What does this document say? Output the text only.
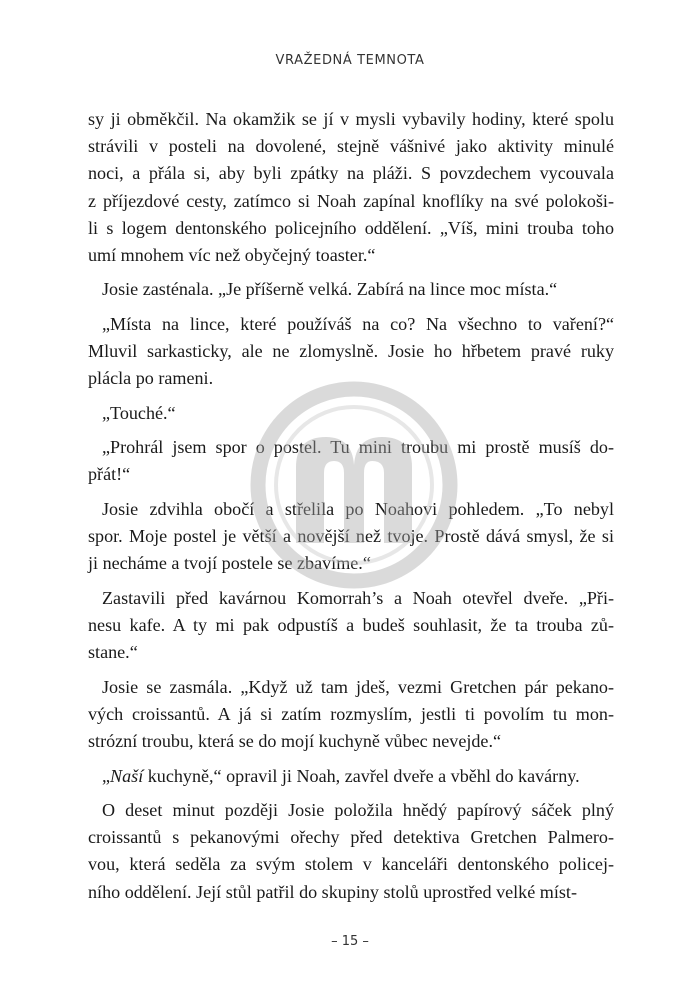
VRAŽEDNÁ TEMNOTA
sy ji obměkčil. Na okamžik se jí v mysli vybavily hodiny, které spolu
strávili v posteli na dovolené, stejně vášnivé jako aktivity minulé
noci, a přála si, aby byli zpátky na pláži. S povzdechem vycouvala
z příjezdové cesty, zatímco si Noah zapínal knoflíky na své polokoši-
li s logem dentonského policejního oddělení. „Víš, mini trouba toho
umí mnohem víc než obyčejný toaster.“
Josie zasténala. „Je příšerně velká. Zabírá na lince moc místa.“
„Místa na lince, které používáš na co? Na všechno to vaření?“
Mluvil sarkasticky, ale ne zlomyslně. Josie ho hřbetem pravé ruky
plácla po rameni.
„Touché.“
„Prohrál jsem spor o postel. Tu mini troubu mi prostě musíš do-
přát!“
Josie zdvihla obočí a střelila po Noahovi pohledem. „To nebyl
spor. Moje postel je větší a novější než tvoje. Prostě dává smysl, že si
ji necháme a tvojí postele se zbavíme.“
Zastavili před kavárnou Komorrah’s a Noah otevřel dveře. „Při-
nesu kafe. A ty mi pak odpustíš a budeš souhlasit, že ta trouba zů-
stane.“
Josie se zasmála. „Když už tam jdeš, vezmi Gretchen pár pekano-
vých croissantů. A já si zatím rozmyslím, jestli ti povolím tu mon-
strózní troubu, která se do mojí kuchyně vůbec nevejde.“
„Naší kuchyně,“ opravil ji Noah, zavřel dveře a vběhl do kavárny.
O deset minut později Josie položila hnědý papírový sáček plný
croissantů s pekanovými ořechy před detektiva Gretchen Palmero-
vou, která seděla za svým stolem v kanceláři dentonského policej-
ního oddělení. Její stůl patřil do skupiny stolů uprostřed velké míst-
– 15 –
